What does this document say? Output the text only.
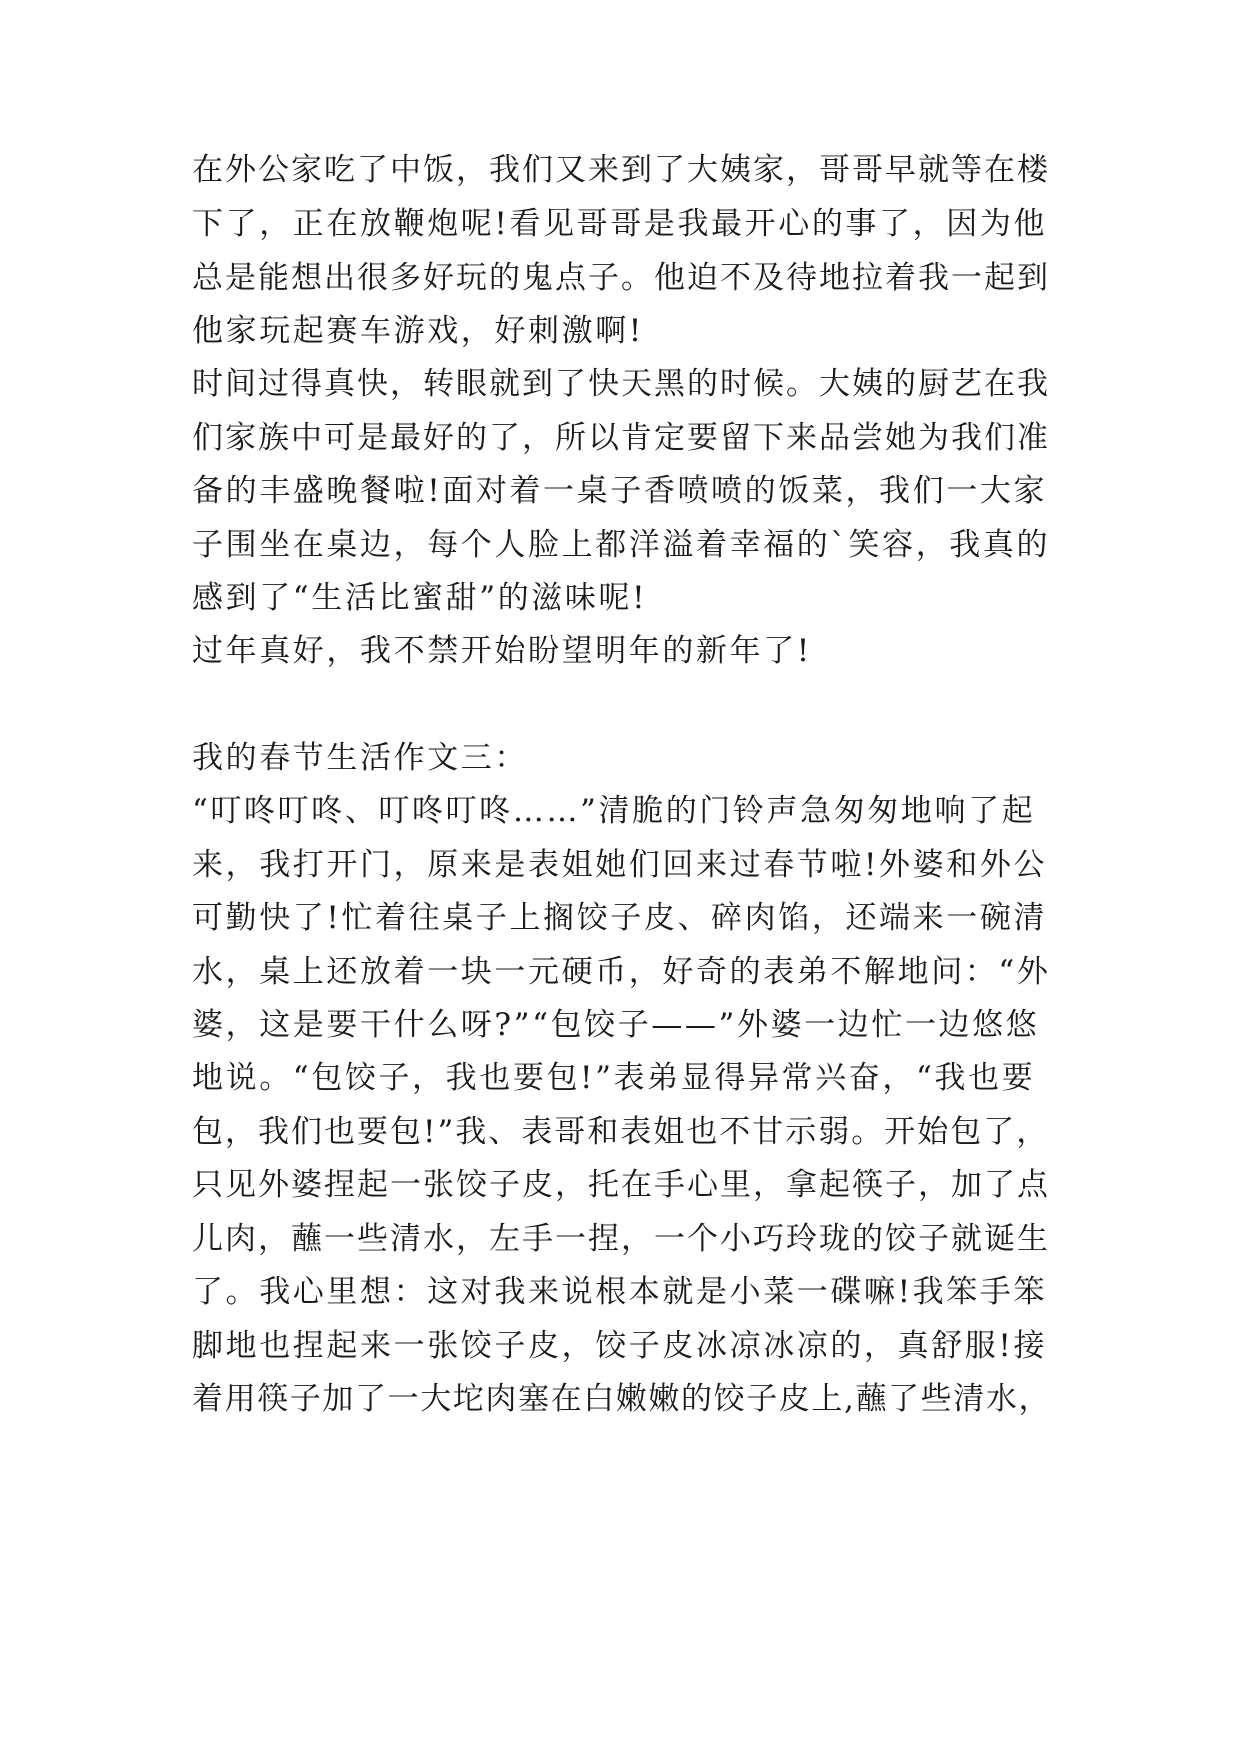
在外公家吃了中饭，我们又来到了大姨家，哥哥早就等在楼
下了，正在放鞭炮呢!看见哥哥是我最开心的事了，因为他
总是能想出很多好玩的鬼点子。他迫不及待地拉着我一起到
他家玩起赛车游戏，好刺激啊!
时间过得真快，转眼就到了快天黑的时候。大姨的厨艺在我
们家族中可是最好的了，所以肯定要留下来品尝她为我们准
备的丰盛晚餐啦!面对着一桌子香喷喷的饭菜，我们一大家
子围坐在桌边，每个人脸上都洋溢着幸福的`笑容，我真的
感到了“生活比蜜甜”的滋味呢!
过年真好，我不禁开始盼望明年的新年了!
我的春节生活作文三：
“叮咚叮咚、叮咚叮咚……”清脆的门铃声急匆匆地响了起
来，我打开门，原来是表姐她们回来过春节啦!外婆和外公
可勤快了!忙着往桌子上搁饺子皮、碎肉馅，还端来一碗清
水，桌上还放着一块一元硬币，好奇的表弟不解地问：“外
婆，这是要干什么呀?”“包饺子——”外婆一边忙一边悠悠
地说。“包饺子，我也要包!”表弟显得异常兴奋，“我也要
包，我们也要包!”我、表哥和表姐也不甘示弱。开始包了，
只见外婆捏起一张饺子皮，托在手心里，拿起筷子，加了点
儿肉，蘸一些清水，左手一捏，一个小巧玲珑的饺子就诞生
了。我心里想：这对我来说根本就是小菜一碟嘛!我笨手笨
脚地也捏起来一张饺子皮，饺子皮冰凉冰凉的，真舒服!接
着用筷子加了一大坨肉塞在白嫩嫩的饺子皮上,蘸了些清水，
